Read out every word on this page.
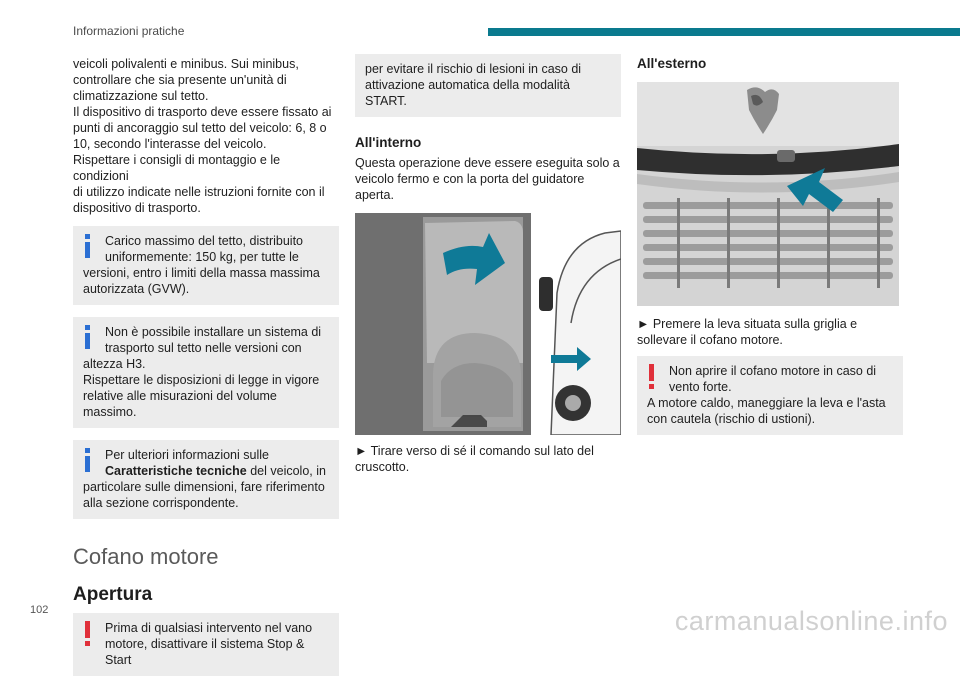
Informazioni pratiche

veicoli polivalenti e minibus. Sui minibus,

controllare che sia presente un'unità di

climatizzazione sul tetto.

Il dispositivo di trasporto deve essere fissato ai

punti di ancoraggio sul tetto del veicolo: 6, 8 o

10, secondo l'interasse del veicolo.

Rispettare i consigli di montaggio e le condizioni

di utilizzo indicate nelle istruzioni fornite con il

dispositivo di trasporto.

Carico massimo del tetto, distribuito

uniformemente: 150 kg, per tutte le

versioni, entro i limiti della massa massima

autorizzata (GVW).

Non è possibile installare un sistema di

trasporto sul tetto nelle versioni con

altezza H3.

Rispettare le disposizioni di legge in vigore

relative alle misurazioni del volume massimo.

Per ulteriori informazioni sulle

Caratteristiche tecniche del veicolo, in

particolare sulle dimensioni, fare riferimento

alla sezione corrispondente.

Cofano motore
Apertura

Prima di qualsiasi intervento nel vano

motore, disattivare il sistema Stop & Start

per evitare il rischio di lesioni in caso di

attivazione automatica della modalità START.

All'interno

Questa operazione deve essere eseguita solo a

veicolo fermo e con la porta del guidatore aperta.

► Tirare verso di sé il comando sul lato del

cruscotto.

All'esterno

► Premere la leva situata sulla griglia e

sollevare il cofano motore.

Non aprire il cofano motore in caso di

vento forte.

A motore caldo, maneggiare la leva e l'asta

con cautela (rischio di ustioni).

102	carmanualsonline.info
